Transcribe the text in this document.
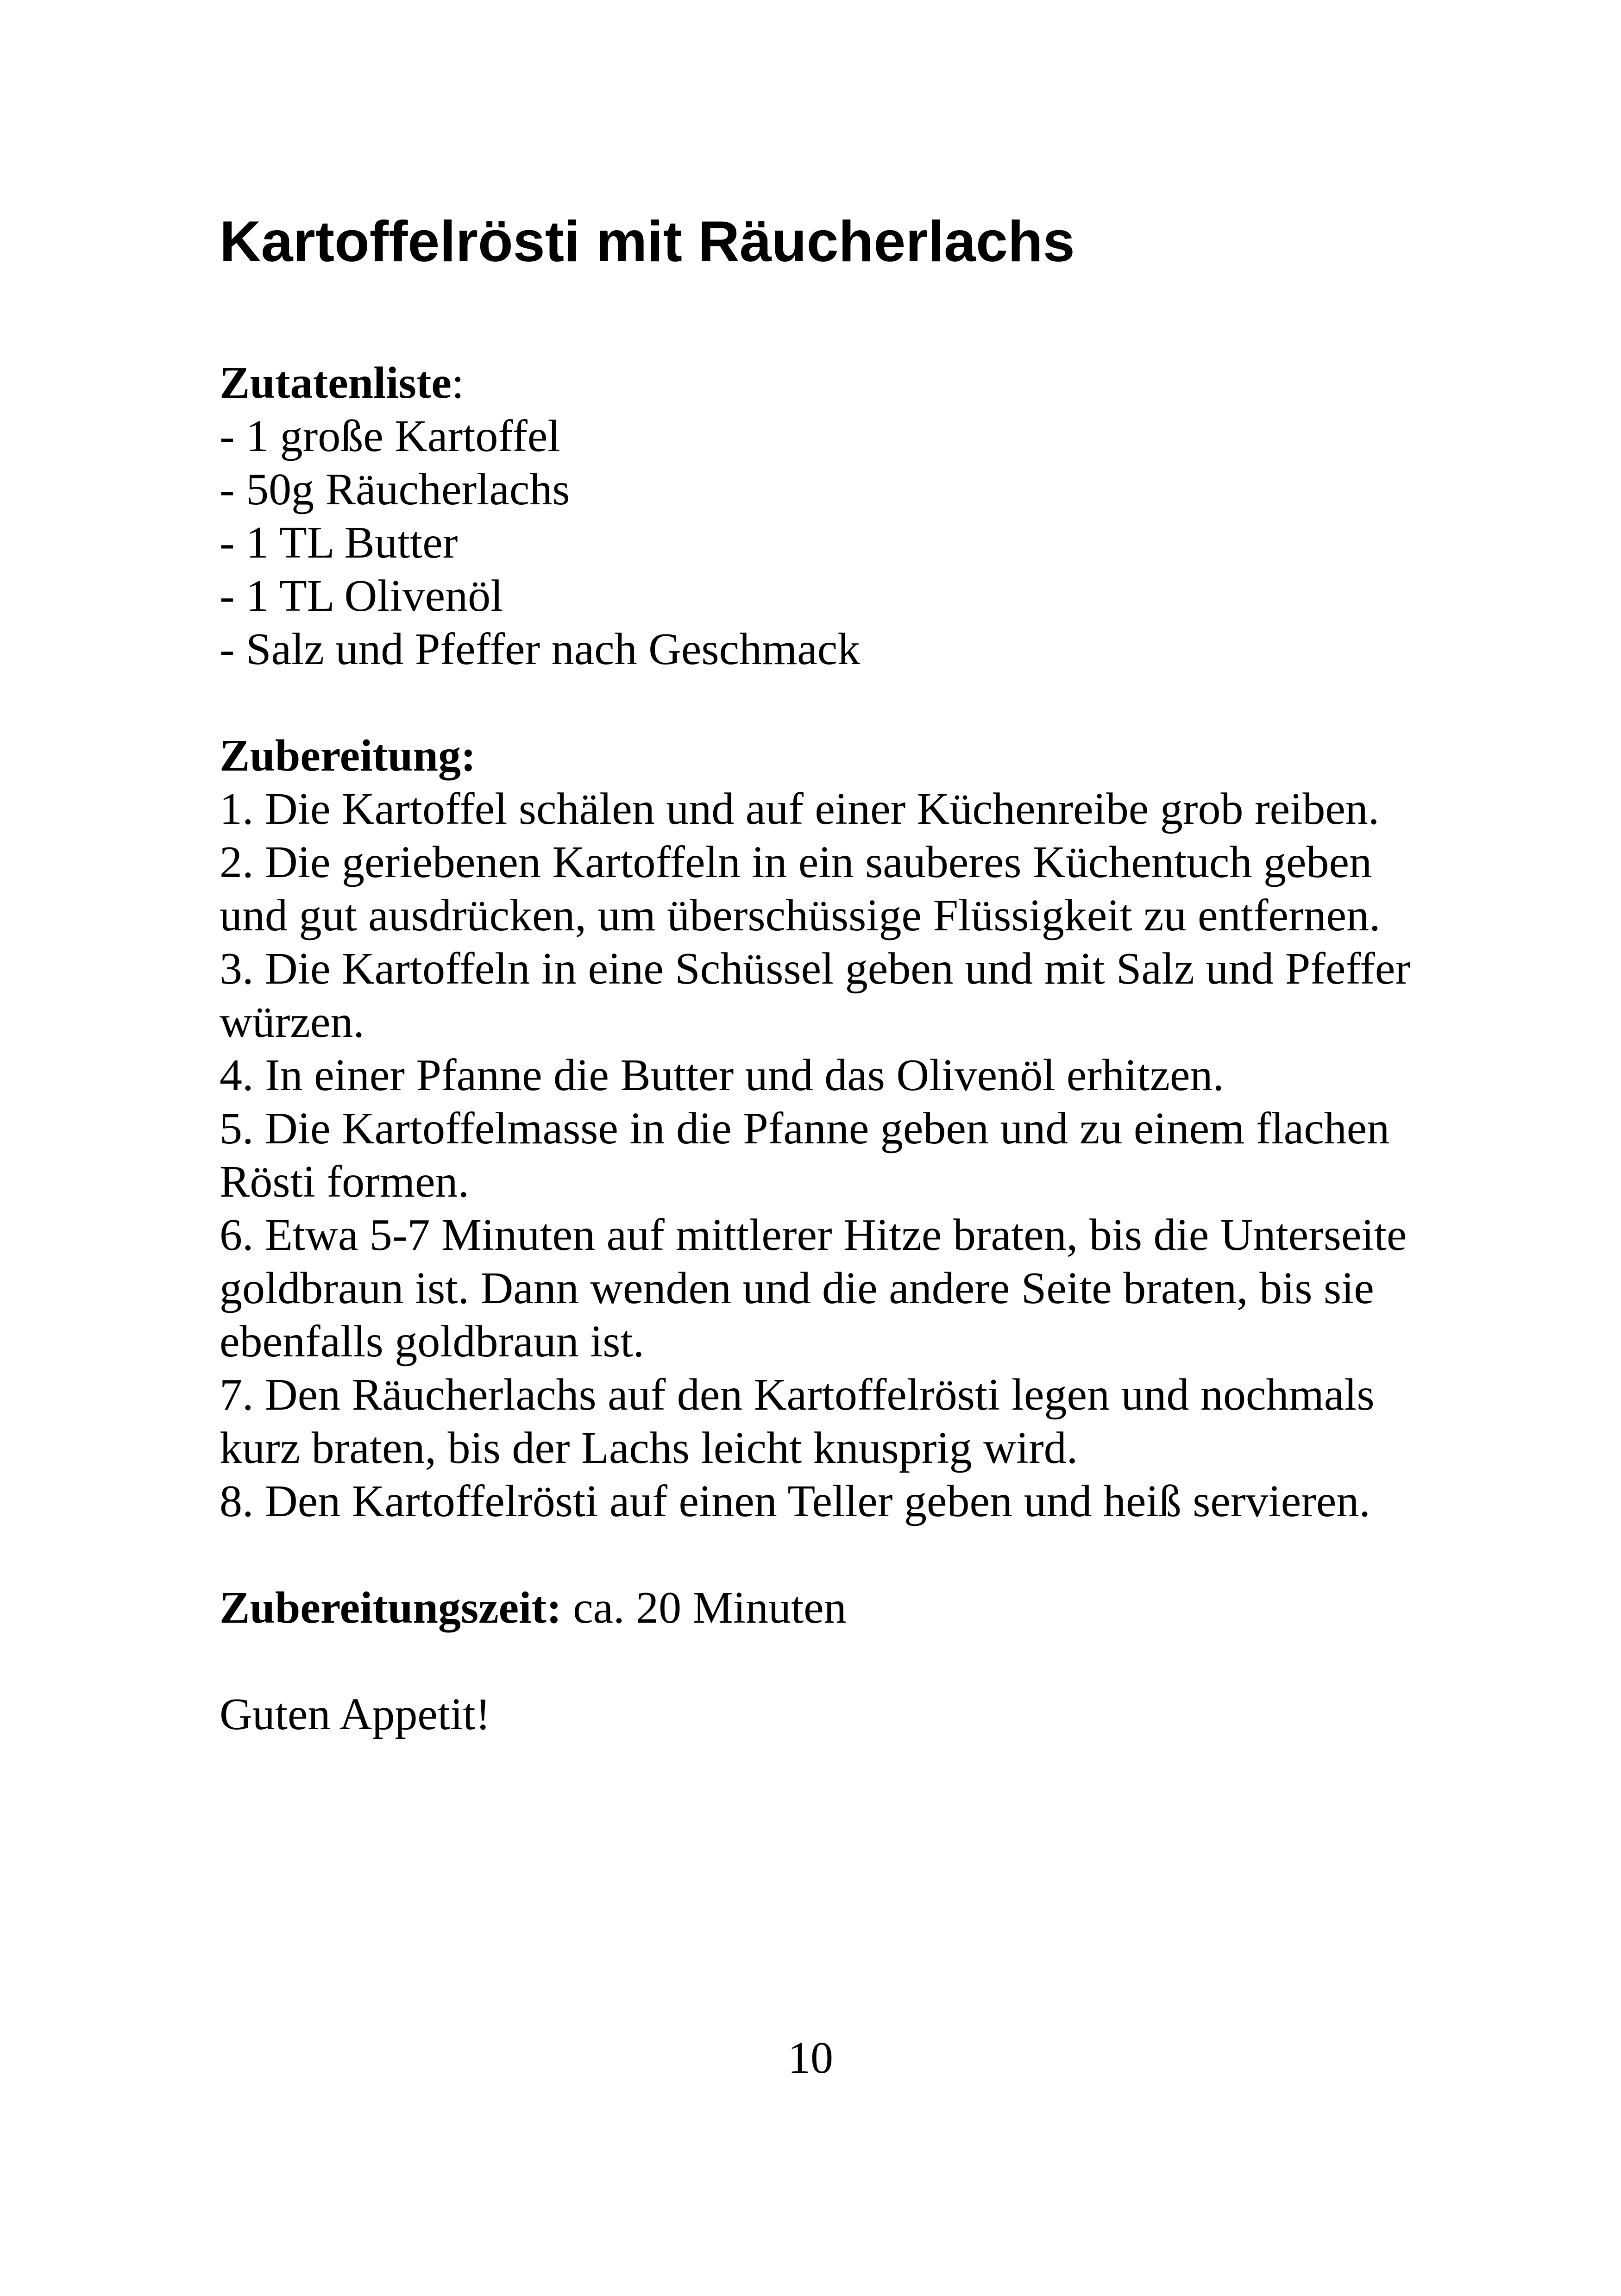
Kartoffelrösti mit Räucherlachs

Zutatenliste:

- 1 große Kartoffel
- 50g Räucherlachs
- 1 TL Butter
- 1 TL Olivenöl
- Salz und Pfeffer nach Geschmack

Zubereitung:

1. Die Kartoffel schälen und auf einer Küchenreibe grob reiben.
2. Die geriebenen Kartoffeln in ein sauberes Küchentuch geben und gut ausdrücken, um überschüssige Flüssigkeit zu entfernen.
3. Die Kartoffeln in eine Schüssel geben und mit Salz und Pfeffer würzen.
4. In einer Pfanne die Butter und das Olivenöl erhitzen.
5. Die Kartoffelmasse in die Pfanne geben und zu einem flachen Rösti formen.
6. Etwa 5-7 Minuten auf mittlerer Hitze braten, bis die Unterseite goldbraun ist. Dann wenden und die andere Seite braten, bis sie ebenfalls goldbraun ist.
7. Den Räucherlachs auf den Kartoffelrösti legen und nochmals kurz braten, bis der Lachs leicht knusprig wird.
8. Den Kartoffelrösti auf einen Teller geben und heiß servieren.

Zubereitungszeit: ca. 20 Minuten

Guten Appetit!

10
